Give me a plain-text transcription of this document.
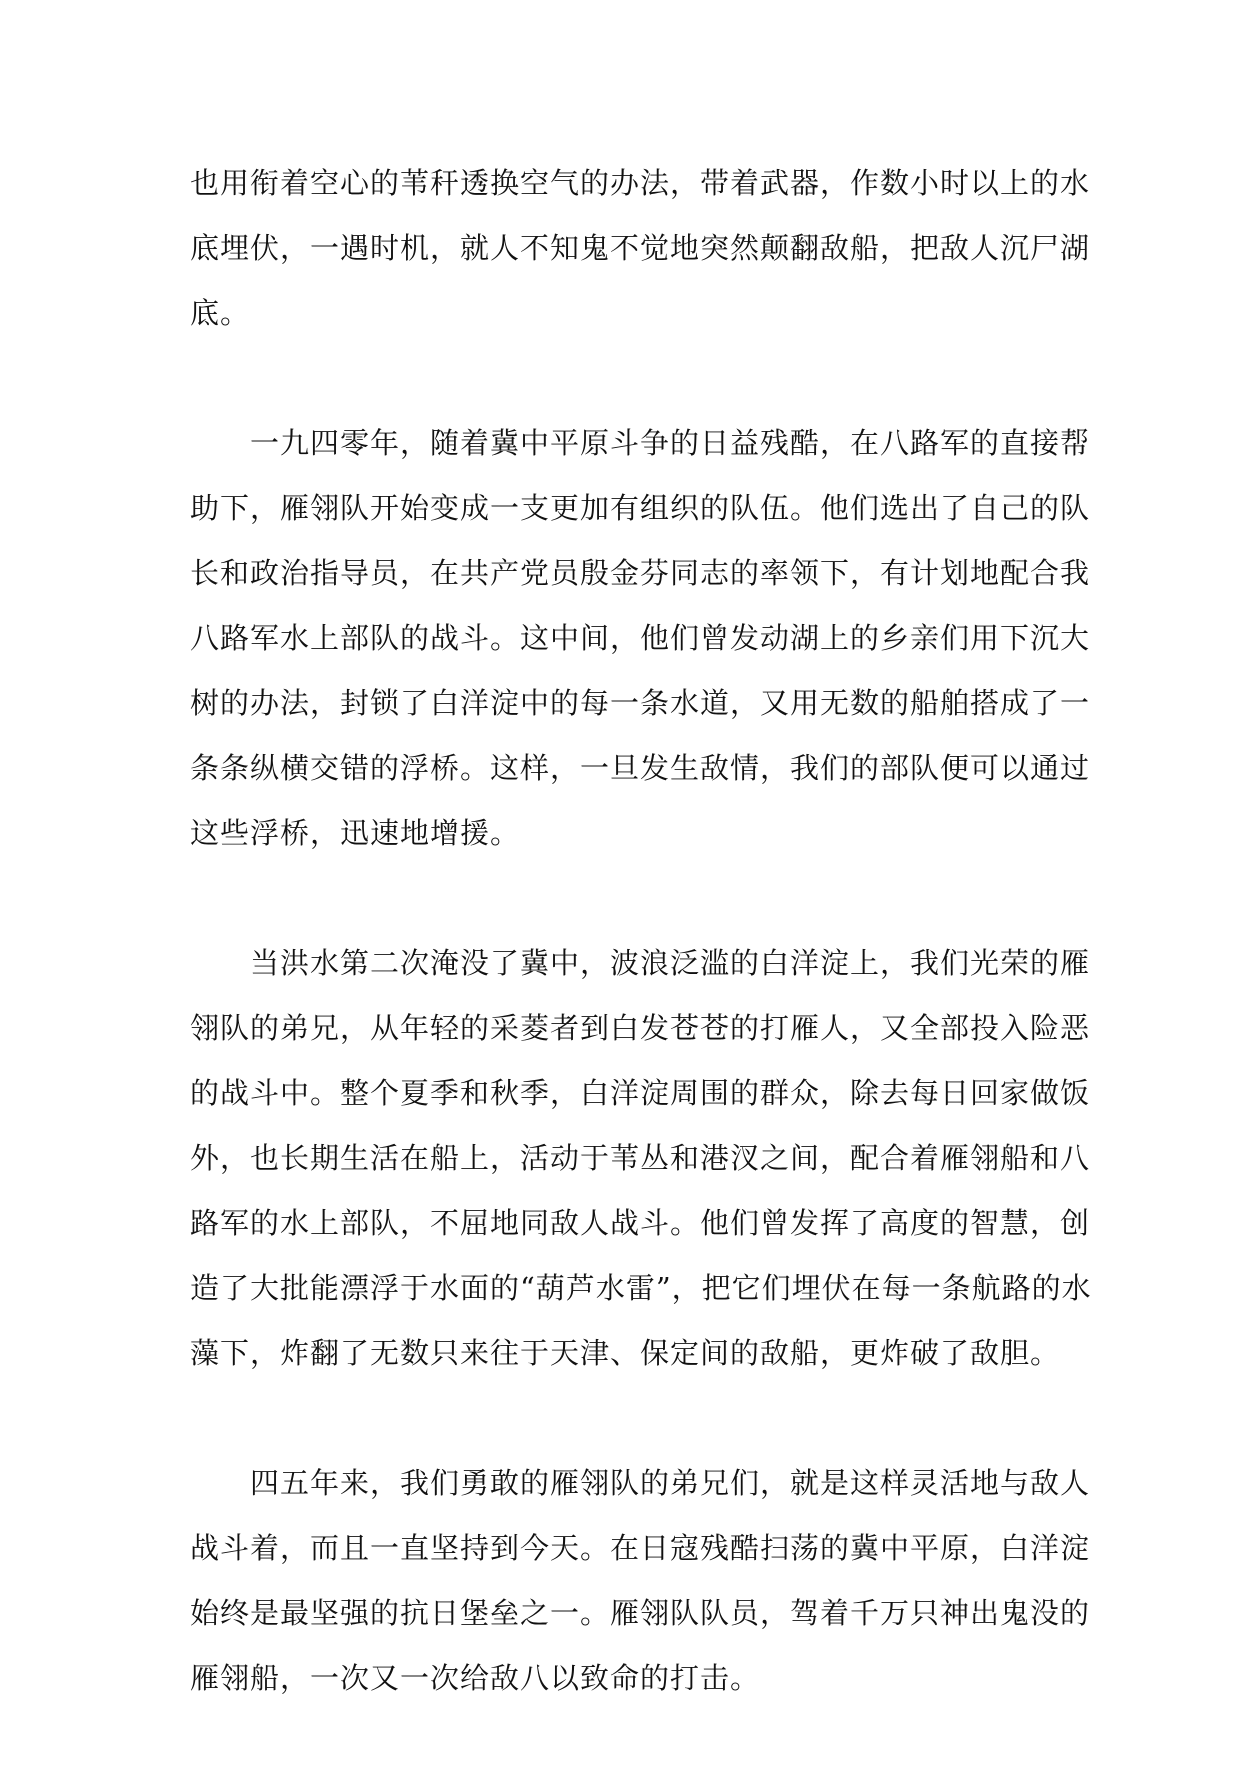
也用衔着空心的苇秆透换空气的办法，带着武器，作数小时以上的水
底埋伏，一遇时机，就人不知鬼不觉地突然颠翻敌船，把敌人沉尸湖
底。
一九四零年，随着冀中平原斗争的日益残酷，在八路军的直接帮
助下，雁翎队开始变成一支更加有组织的队伍。他们选出了自己的队
长和政治指导员，在共产党员殷金芬同志的率领下，有计划地配合我
八路军水上部队的战斗。这中间，他们曾发动湖上的乡亲们用下沉大
树的办法，封锁了白洋淀中的每一条水道，又用无数的船舶搭成了一
条条纵横交错的浮桥。这样，一旦发生敌情，我们的部队便可以通过
这些浮桥，迅速地增援。
当洪水第二次淹没了冀中，波浪泛滥的白洋淀上，我们光荣的雁
翎队的弟兄，从年轻的采菱者到白发苍苍的打雁人，又全部投入险恶
的战斗中。整个夏季和秋季，白洋淀周围的群众，除去每日回家做饭
外，也长期生活在船上，活动于苇丛和港汊之间，配合着雁翎船和八
路军的水上部队，不屈地同敌人战斗。他们曾发挥了高度的智慧，创
造了大批能漂浮于水面的“葫芦水雷”，把它们埋伏在每一条航路的水
藻下，炸翻了无数只来往于天津、保定间的敌船，更炸破了敌胆。
四五年来，我们勇敢的雁翎队的弟兄们，就是这样灵活地与敌人
战斗着，而且一直坚持到今天。在日寇残酷扫荡的冀中平原，白洋淀
始终是最坚强的抗日堡垒之一。雁翎队队员，驾着千万只神出鬼没的
雁翎船，一次又一次给敌八以致命的打击。
